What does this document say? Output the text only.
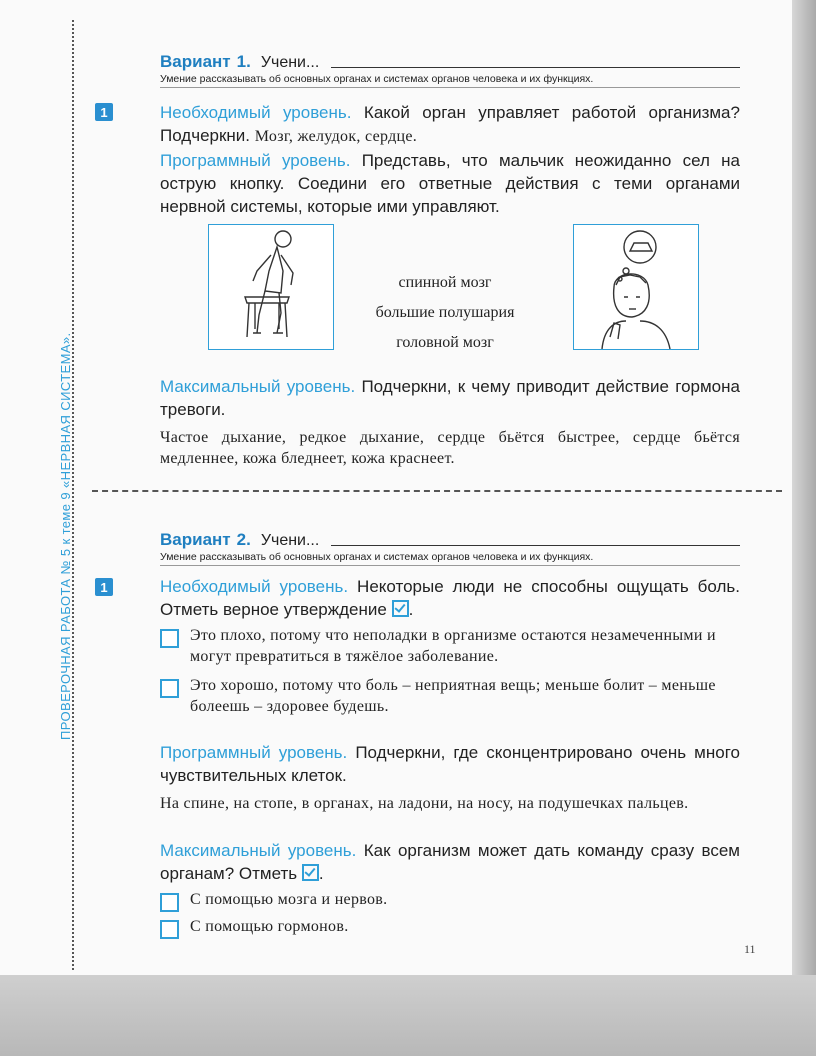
ПРОВЕРОЧНАЯ РАБОТА № 5 к теме 9 «НЕРВНАЯ СИСТЕМА».
Вариант 1. Учени...
Умение рассказывать об основных органах и системах органов человека и их функциях.
1	Необходимый уровень. Какой орган управляет работой организма? Подчеркни. Мозг, желудок, сердце.
Программный уровень. Представь, что мальчик неожиданно сел на острую кнопку. Соедини его ответные действия с теми органами нервной системы, которые ими управляют.
спинной мозг
большие полушария
головной мозг
Максимальный уровень. Подчеркни, к чему приводит действие гормона тревоги.
Частое дыхание, редкое дыхание, сердце бьётся быстрее, сердце бьётся медленнее, кожа бледнеет, кожа краснеет.
Вариант 2. Учени...
Умение рассказывать об основных органах и системах органов человека и их функциях.
1	Необходимый уровень. Некоторые люди не способны ощущать боль. Отметь верное утверждение .
Это плохо, потому что неполадки в организме остаются незамеченными и могут превратиться в тяжёлое заболевание.
Это хорошо, потому что боль – неприятная вещь; меньше болит – меньше болеешь – здоровее будешь.
Программный уровень. Подчеркни, где сконцентрировано очень много чувствительных клеток.
На спине, на стопе, в органах, на ладони, на носу, на подушечках пальцев.
Максимальный уровень. Как организм может дать команду сразу всем органам? Отметь .
С помощью мозга и нервов.
С помощью гормонов.
11
